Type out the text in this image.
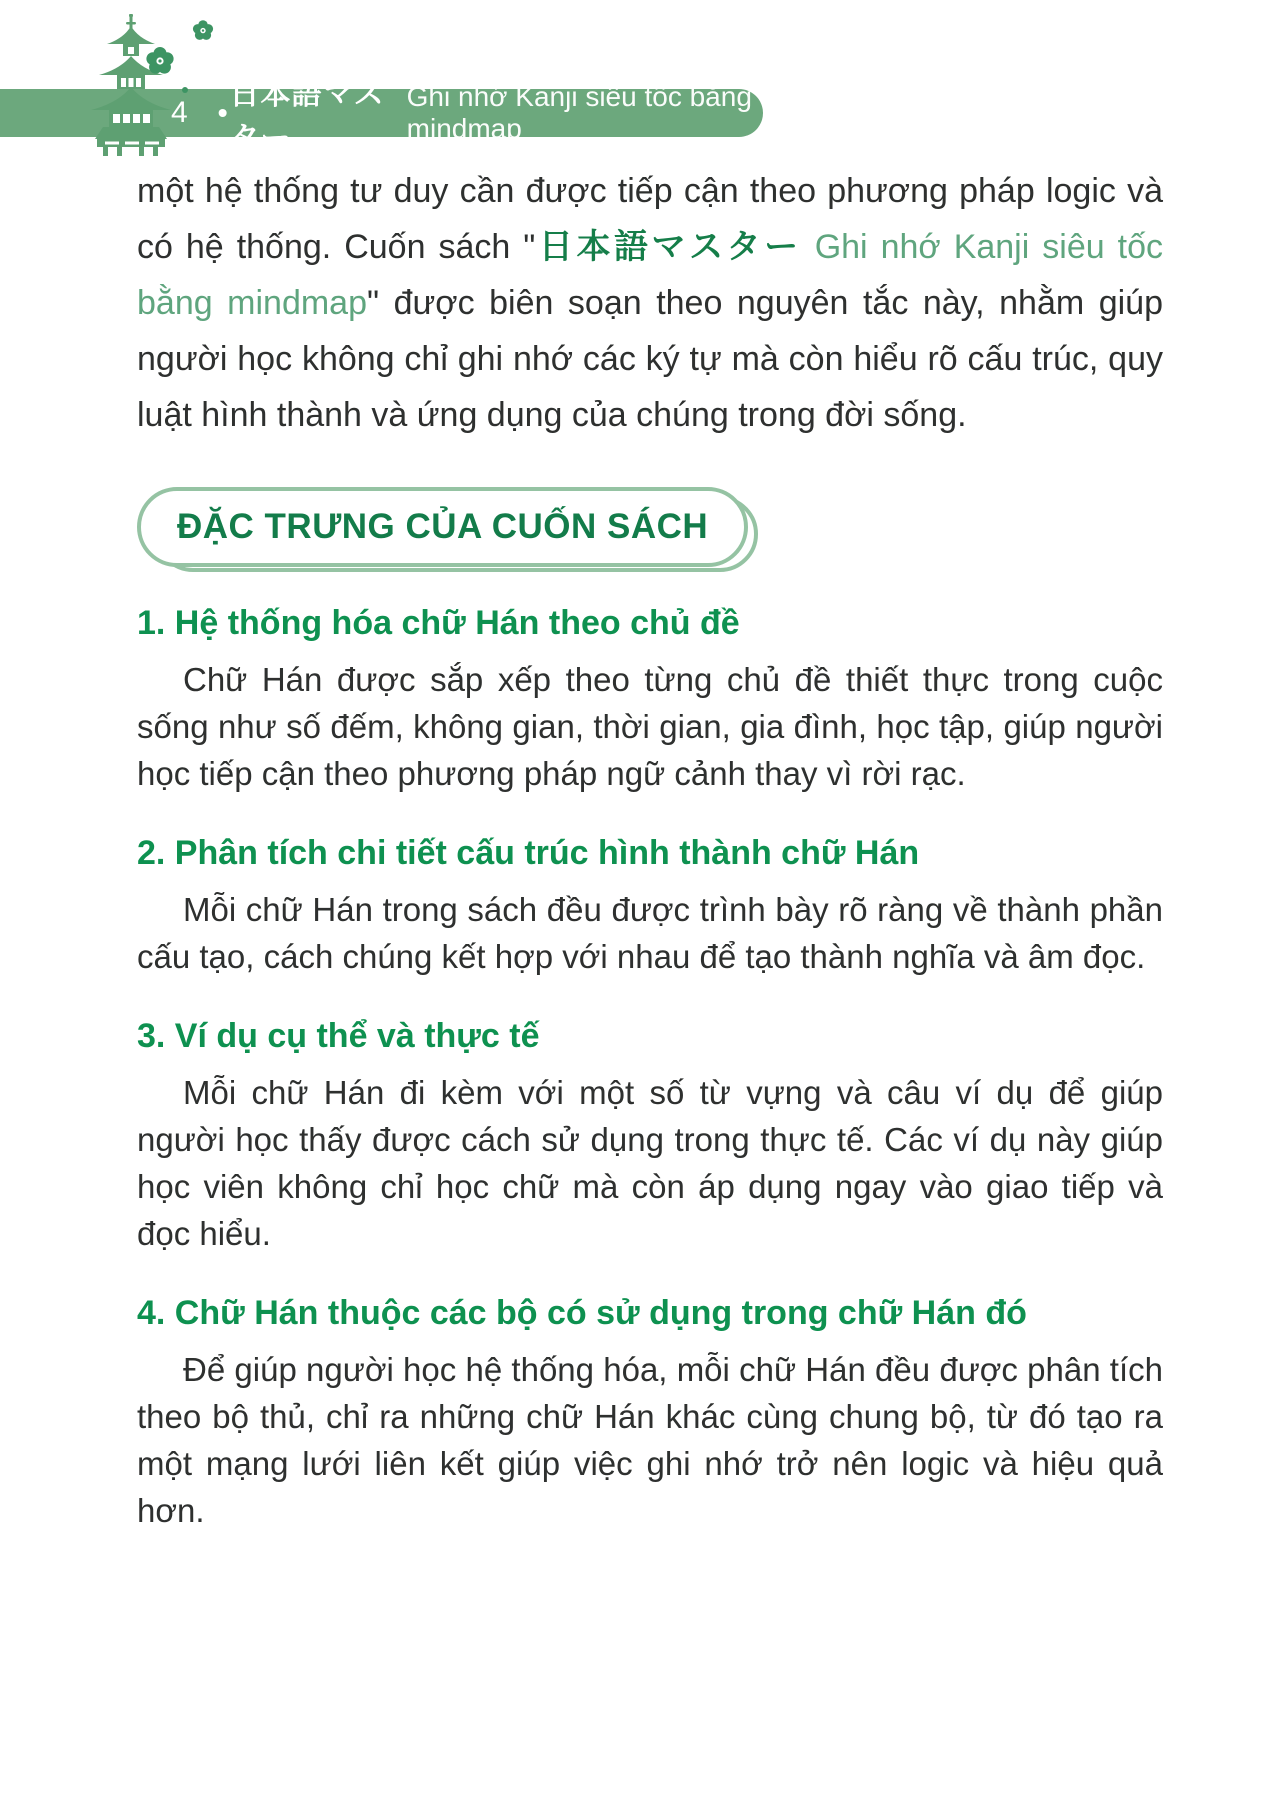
4 •
日本語マスター
Ghi nhớ Kanji siêu tốc bằng mindmap

một hệ thống tư duy cần được tiếp cận theo phương pháp logic và có hệ thống. Cuốn sách "日本語マスター Ghi nhớ Kanji siêu tốc bằng mindmap" được biên soạn theo nguyên tắc này, nhằm giúp người học không chỉ ghi nhớ các ký tự mà còn hiểu rõ cấu trúc, quy luật hình thành và ứng dụng của chúng trong đời sống.

ĐẶC TRƯNG CỦA CUỐN SÁCH
1. Hệ thống hóa chữ Hán theo chủ đề

Chữ Hán được sắp xếp theo từng chủ đề thiết thực trong cuộc sống như số đếm, không gian, thời gian, gia đình, học tập, giúp người học tiếp cận theo phương pháp ngữ cảnh thay vì rời rạc.

2. Phân tích chi tiết cấu trúc hình thành chữ Hán

Mỗi chữ Hán trong sách đều được trình bày rõ ràng về thành phần cấu tạo, cách chúng kết hợp với nhau để tạo thành nghĩa và âm đọc.

3. Ví dụ cụ thể và thực tế

Mỗi chữ Hán đi kèm với một số từ vựng và câu ví dụ để giúp người học thấy được cách sử dụng trong thực tế. Các ví dụ này giúp học viên không chỉ học chữ mà còn áp dụng ngay vào giao tiếp và đọc hiểu.

4. Chữ Hán thuộc các bộ có sử dụng trong chữ Hán đó

Để giúp người học hệ thống hóa, mỗi chữ Hán đều được phân tích theo bộ thủ, chỉ ra những chữ Hán khác cùng chung bộ, từ đó tạo ra một mạng lưới liên kết giúp việc ghi nhớ trở nên logic và hiệu quả hơn.
